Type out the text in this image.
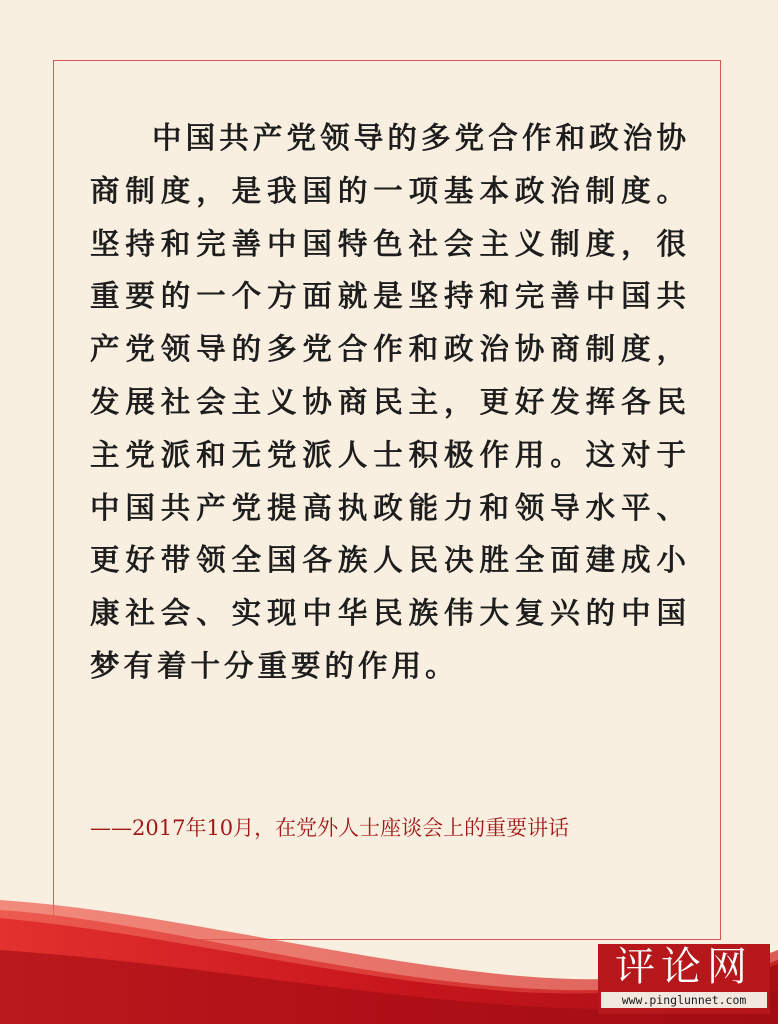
中国共产党领导的多党合作和政治协商制度，是我国的一项基本政治制度。坚持和完善中国特色社会主义制度，很重要的一个方面就是坚持和完善中国共产党领导的多党合作和政治协商制度，发展社会主义协商民主，更好发挥各民主党派和无党派人士积极作用。这对于中国共产党提高执政能力和领导水平、更好带领全国各族人民决胜全面建成小康社会、实现中华民族伟大复兴的中国梦有着十分重要的作用。

——2017年10月，在党外人士座谈会上的重要讲话

评论网
www.pinglunnet.com
